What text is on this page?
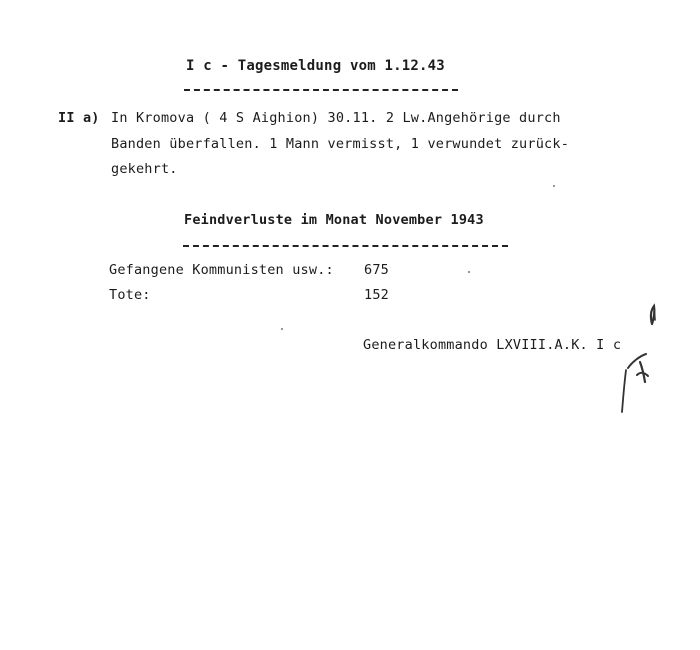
I c - Tagesmeldung vom 1.12.43
II a) In Kromova ( 4 S Aighion) 30.11. 2 Lw.Angehörige durch
Banden überfallen. 1 Mann vermisst, 1 verwundet zurück-
gekehrt.
Feindverluste im Monat November 1943
Gefangene Kommunisten usw.: 675
Tote:	152
Generalkommando LXVIII.A.K. I c
